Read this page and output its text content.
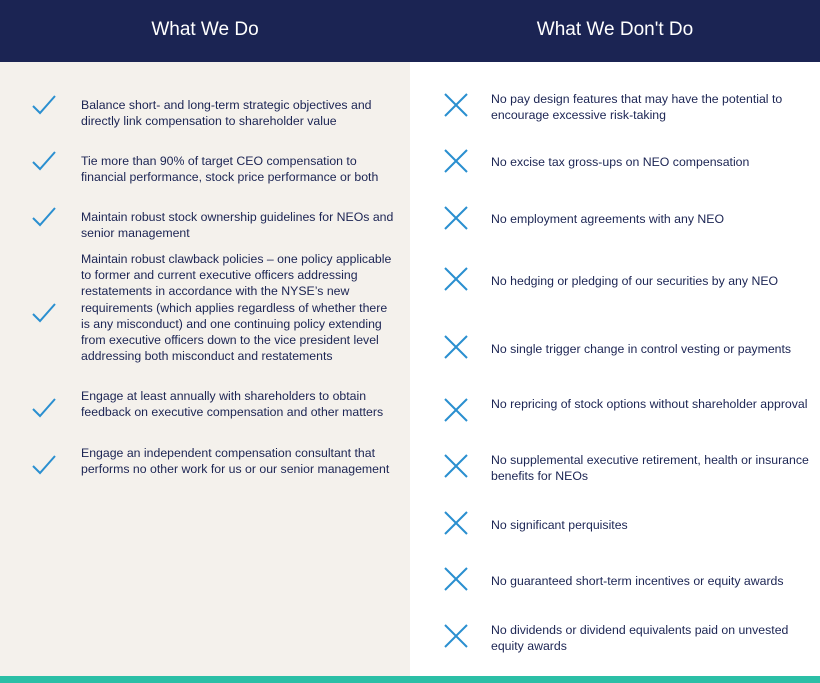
What We Do	What We Don't Do
Balance short- and long-term strategic objectives and directly link compensation to shareholder value
Tie more than 90% of target CEO compensation to financial performance, stock price performance or both
Maintain robust stock ownership guidelines for NEOs and senior management
Maintain robust clawback policies – one policy applicable to former and current executive officers addressing restatements in accordance with the NYSE’s new requirements (which applies regardless of whether there is any misconduct) and one continuing policy extending from executive officers down to the vice president level addressing both misconduct and restatements
Engage at least annually with shareholders to obtain feedback on executive compensation and other matters
Engage an independent compensation consultant that performs no other work for us or our senior management
No pay design features that may have the potential to encourage excessive risk-taking
No excise tax gross-ups on NEO compensation
No employment agreements with any NEO
No hedging or pledging of our securities by any NEO
No single trigger change in control vesting or payments
No repricing of stock options without shareholder approval
No supplemental executive retirement, health or insurance benefits for NEOs
No significant perquisites
No guaranteed short-term incentives or equity awards
No dividends or dividend equivalents paid on unvested equity awards
